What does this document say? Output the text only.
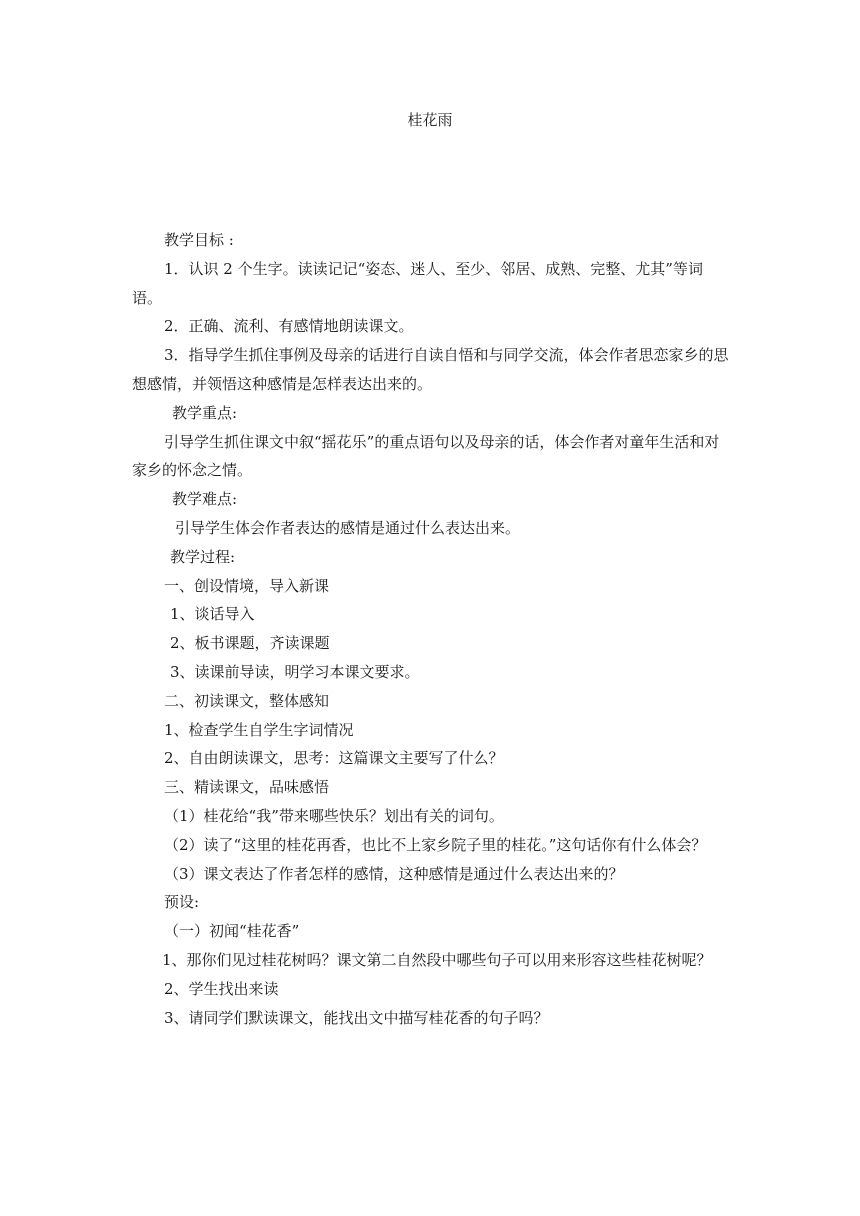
桂花雨

教学目标 :

1．认识 2 个生字。读读记记“姿态、迷人、至少、邻居、成熟、完整、尤其”等词语。

2．正确、流利、有感情地朗读课文。

3．指导学生抓住事例及母亲的话进行自读自悟和与同学交流，体会作者思恋家乡的思想感情，并领悟这种感情是怎样表达出来的。

教学重点:

引导学生抓住课文中叙“摇花乐”的重点语句以及母亲的话，体会作者对童年生活和对家乡的怀念之情。

教学难点:

引导学生体会作者表达的感情是通过什么表达出来。

教学过程:

一、创设情境，导入新课

1、谈话导入

2、板书课题，齐读课题

3、读课前导读，明学习本课文要求。

二、初读课文，整体感知

1、检查学生自学生字词情况

2、自由朗读课文，思考：这篇课文主要写了什么？

三、精读课文，品味感悟

（1）桂花给“我”带来哪些快乐？划出有关的词句。

（2）读了“这里的桂花再香，也比不上家乡院子里的桂花。”这句话你有什么体会？

（3）课文表达了作者怎样的感情，这种感情是通过什么表达出来的？

预设:

（一）初闻“桂花香”

1、那你们见过桂花树吗？课文第二自然段中哪些句子可以用来形容这些桂花树呢？

2、学生找出来读

3、请同学们默读课文，能找出文中描写桂花香的句子吗？
